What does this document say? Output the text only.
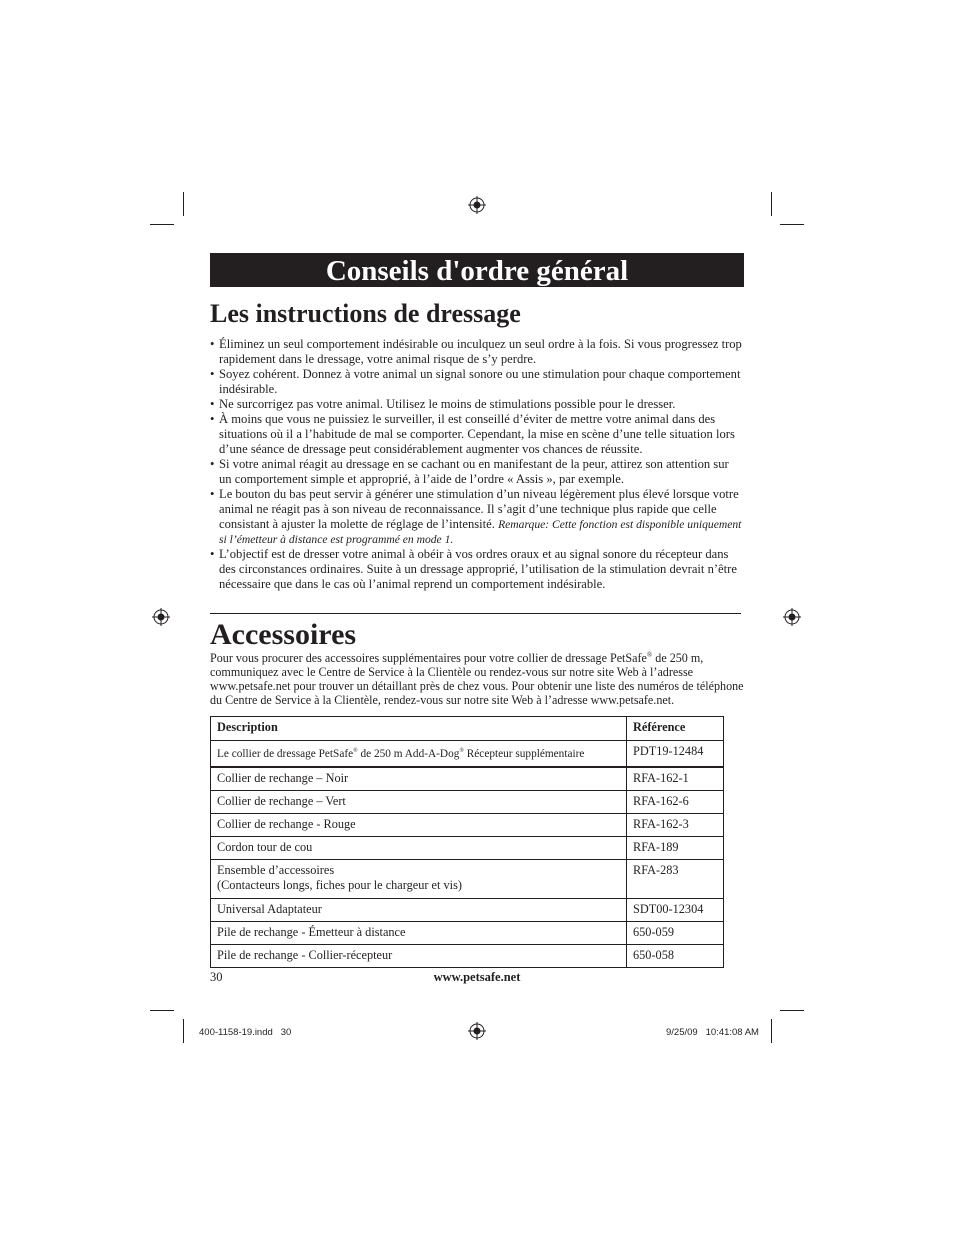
Conseils d'ordre général
Les instructions de dressage
• Éliminez un seul comportement indésirable ou inculquez un seul ordre à la fois. Si vous progressez trop rapidement dans le dressage, votre animal risque de s’y perdre.
• Soyez cohérent. Donnez à votre animal un signal sonore ou une stimulation pour chaque comportement indésirable.
• Ne surcorrigez pas votre animal. Utilisez le moins de stimulations possible pour le dresser.
• À moins que vous ne puissiez le surveiller, il est conseillé d’éviter de mettre votre animal dans des situations où il a l’habitude de mal se comporter. Cependant, la mise en scène d’une telle situation lors d’une séance de dressage peut considérablement augmenter vos chances de réussite.
• Si votre animal réagit au dressage en se cachant ou en manifestant de la peur, attirez son attention sur un comportement simple et approprié, à l’aide de l’ordre « Assis », par exemple.
• Le bouton du bas peut servir à générer une stimulation d’un niveau légèrement plus élevé lorsque votre animal ne réagit pas à son niveau de reconnaissance. Il s’agit d’une technique plus rapide que celle consistant à ajuster la molette de réglage de l’intensité. Remarque: Cette fonction est disponible uniquement si l’émetteur à distance est programmé en mode 1.
• L’objectif est de dresser votre animal à obéir à vos ordres oraux et au signal sonore du récepteur dans des circonstances ordinaires. Suite à un dressage approprié, l’utilisation de la stimulation devrait n’être nécessaire que dans le cas où l’animal reprend un comportement indésirable.
Accessoires

Pour vous procurer des accessoires supplémentaires pour votre collier de dressage PetSafe® de 250 m, communiquez avec le Centre de Service à la Clientèle ou rendez-vous sur notre site Web à l’adresse www.petsafe.net pour trouver un détaillant près de chez vous. Pour obtenir une liste des numéros de téléphone du Centre de Service à la Clientèle, rendez-vous sur notre site Web à l’adresse www.petsafe.net.

Description	Référence
Le collier de dressage PetSafe® de 250 m Add-A-Dog® Récepteur supplémentaire	PDT19-12484
Collier de rechange – Noir	RFA-162-1
Collier de rechange – Vert	RFA-162-6
Collier de rechange - Rouge	RFA-162-3
Cordon tour de cou	RFA-189

Ensemble d’accessoires
(Contacteurs longs, fiches pour le chargeur et vis)	RFA-283
Universal Adaptateur	SDT00-12304
Pile de rechange - Émetteur à distance	650-059
Pile de rechange - Collier-récepteur	650-058
30	www.petsafe.net
400-1158-19.indd   30	9/25/09   10:41:08 AM
